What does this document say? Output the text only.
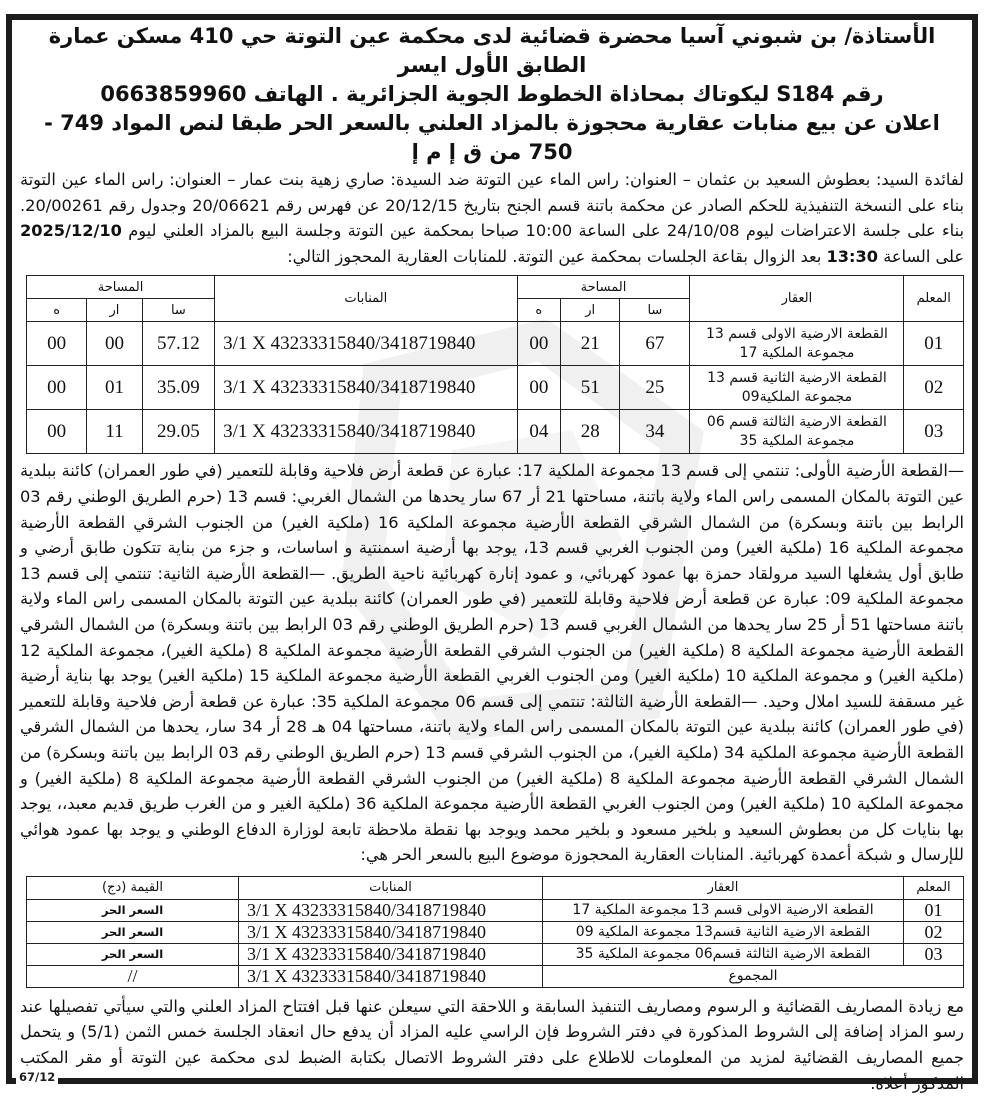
الأستاذة/ بن شبوني آسيا محضرة قضائية لدى محكمة عين التوتة حي 410 مسكن عمارة الطابق الأول ايسر
رقم S184 ليكوتاك بمحاذاة الخطوط الجوية الجزائرية . الهاتف 0663859960
اعلان عن بيع منابات عقارية محجوزة بالمزاد العلني بالسعر الحر طبقا لنص المواد 749 - 750 من ق إ م إ
لفائدة السيد: بعطوش السعيد بن عثمان – العنوان: راس الماء عين التوتة ضد السيدة: صاري زهية بنت عمار – العنوان: راس الماء عين التوتة بناء على النسخة التنفيذية للحكم الصادر عن محكمة باتنة قسم الجنح بتاريخ 20/12/15 عن فهرس رقم 20/06621 وجدول رقم 20/00261. بناء على جلسة الاعتراضات ليوم 24/10/08 على الساعة 10:00 صباحا بمحكمة عين التوتة وجلسة البيع بالمزاد العلني ليوم 2025/12/10 على الساعة 13:30 بعد الزوال بقاعة الجلسات بمحكمة عين التوتة. للمنابات العقارية المحجوز التالي:
المعلم	العقار	المساحة			المنابات	المساحة		
		سا	ار	ه		سا	ار	ه
01	القطعة الارضية الاولى قسم 13 مجموعة الملكية 17	67	21	00	3/1 X 43233315840/3418719840	57.12	00	00
02	القطعة الارضية الثانية قسم 13 مجموعة الملكية09	25	51	00	3/1 X 43233315840/3418719840	35.09	01	00
03	القطعة الارضية الثالثة قسم 06 مجموعة الملكية 35	34	28	04	3/1 X 43233315840/3418719840	29.05	11	00
—القطعة الأرضية الأولى: تنتمي إلى قسم 13 مجموعة الملكية 17: عبارة عن قطعة أرض فلاحية وقابلة للتعمير (في طور العمران) كائنة ببلدية عين التوتة بالمكان المسمى راس الماء ولاية باتنة، مساحتها 21 أر 67 سار يحدها من الشمال الغربي: قسم 13 (حرم الطريق الوطني رقم 03 الرابط بين باتنة وبسكرة) من الشمال الشرقي القطعة الأرضية مجموعة الملكية 16 (ملكية الغير) من الجنوب الشرقي القطعة الأرضية مجموعة الملكية 16 (ملكية الغير) ومن الجنوب الغربي قسم 13، يوجد بها أرضية اسمنتية و اساسات، و جزء من بناية تتكون طابق أرضي و طابق أول يشغلها السيد مرولقاد حمزة بها عمود كهربائي، و عمود إنارة كهربائية ناحية الطريق. —القطعة الأرضية الثانية: تنتمي إلى قسم 13 مجموعة الملكية 09: عبارة عن قطعة أرض فلاحية وقابلة للتعمير (في طور العمران) كائنة ببلدية عين التوتة بالمكان المسمى راس الماء ولاية باتنة مساحتها 51 أر 25 سار يحدها من الشمال الغربي قسم 13 (حرم الطريق الوطني رقم 03 الرابط بين باتنة وبسكرة) من الشمال الشرقي القطعة الأرضية مجموعة الملكية 8 (ملكية الغير) من الجنوب الشرقي القطعة الأرضية مجموعة الملكية 8 (ملكية الغير)، مجموعة الملكية 12 (ملكية الغير) و مجموعة الملكية 10 (ملكية الغير) ومن الجنوب الغربي القطعة الأرضية مجموعة الملكية 15 (ملكية الغير) يوجد بها بناية أرضية غير مسقفة للسيد املال وحيد. —القطعة الأرضية الثالثة: تنتمي إلى قسم 06 مجموعة الملكية 35: عبارة عن قطعة أرض فلاحية وقابلة للتعمير (في طور العمران) كائنة ببلدية عين التوتة بالمكان المسمى راس الماء ولاية باتنة، مساحتها 04 هـ 28 أر 34 سار، يحدها من الشمال الشرقي القطعة الأرضية مجموعة الملكية 34 (ملكية الغير)، من الجنوب الشرقي قسم 13 (حرم الطريق الوطني رقم 03 الرابط بين باتنة وبسكرة) من الشمال الشرقي القطعة الأرضية مجموعة الملكية 8 (ملكية الغير) من الجنوب الشرقي القطعة الأرضية مجموعة الملكية 8 (ملكية الغير) و مجموعة الملكية 10 (ملكية الغير) ومن الجنوب الغربي القطعة الأرضية مجموعة الملكية 36 (ملكية الغير و من الغرب طريق قديم معبد،، يوجد بها بنايات كل من بعطوش السعيد و بلخير مسعود و بلخير محمد ويوجد بها نقطة ملاحظة تابعة لوزارة الدفاع الوطني و يوجد بها عمود هوائي للإرسال و شبكة أعمدة كهربائية. المنابات العقارية المحجوزة موضوع البيع بالسعر الحر هي:
المعلم	العقار	المنابات	القيمة (دج)
01	القطعة الارضية الاولى قسم 13 مجموعة الملكية 17	3/1 X 43233315840/3418719840	السعر الحر
02	القطعة الارضية الثانية قسم13 مجموعة الملكية 09	3/1 X 43233315840/3418719840	السعر الحر
03	القطعة الارضية الثالثة قسم06 مجموعة الملكية 35	3/1 X 43233315840/3418719840	السعر الحر
المجموع		3/1 X 43233315840/3418719840	//
مع زيادة المصاريف القضائية و الرسوم ومصاريف التنفيذ السابقة و اللاحقة التي سيعلن عنها قبل افتتاح المزاد العلني والتي سيأتي تفصيلها عند رسو المزاد إضافة إلى الشروط المذكورة في دفتر الشروط فإن الراسي عليه المزاد أن يدفع حال انعقاد الجلسة خمس الثمن (5/1) و يتحمل جميع المصاريف القضائية لمزيد من المعلومات للاطلاع على دفتر الشروط الاتصال بكتابة الضبط لدى محكمة عين التوتة أو مقر المكتب
67/12
